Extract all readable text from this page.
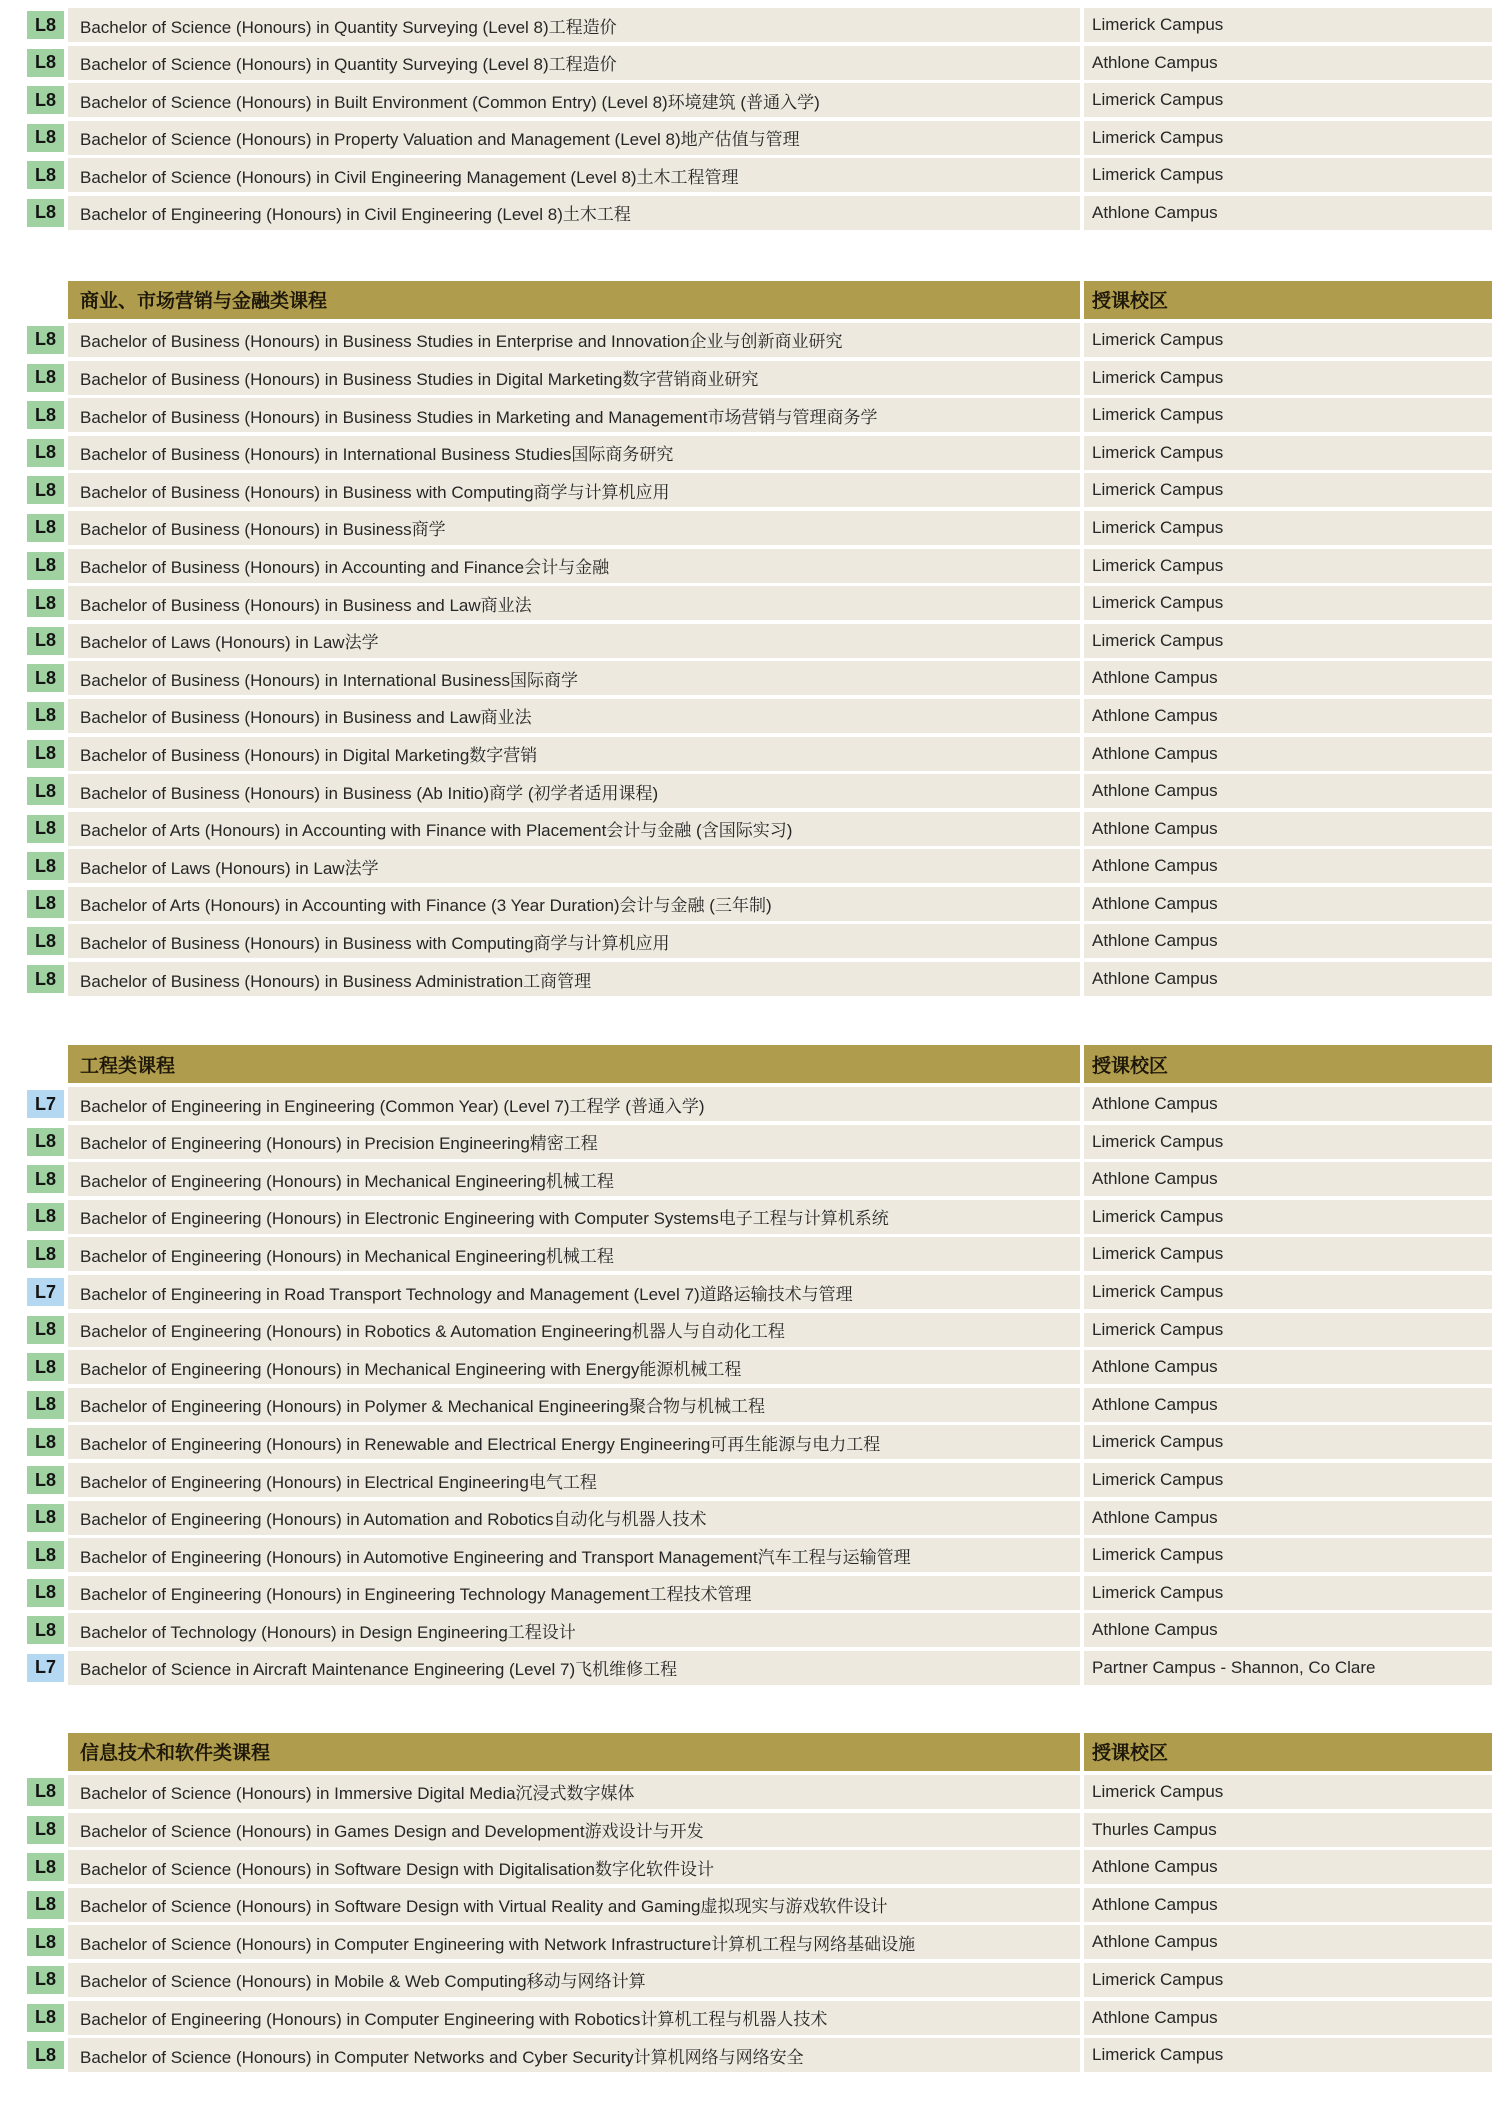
L8	Bachelor of Science (Honours) in Quantity Surveying (Level 8)工程造价	Limerick Campus
L8	Bachelor of Science (Honours) in Quantity Surveying (Level 8)工程造价	Athlone Campus
L8	Bachelor of Science (Honours) in Built Environment (Common Entry) (Level 8)环境建筑 (普通入学)	Limerick Campus
L8	Bachelor of Science (Honours) in Property Valuation and Management (Level 8)地产估值与管理	Limerick Campus
L8	Bachelor of Science (Honours) in Civil Engineering Management (Level 8)土木工程管理	Limerick Campus
L8	Bachelor of Engineering (Honours) in Civil Engineering (Level 8)土木工程	Athlone Campus
商业、市场营销与金融类课程	授课校区
L8	Bachelor of Business (Honours) in Business Studies in Enterprise and Innovation企业与创新商业研究	Limerick Campus
L8	Bachelor of Business (Honours) in Business Studies in Digital Marketing数字营销商业研究	Limerick Campus
L8	Bachelor of Business (Honours) in Business Studies in Marketing and Management市场营销与管理商务学	Limerick Campus
L8	Bachelor of Business (Honours) in International Business Studies国际商务研究	Limerick Campus
L8	Bachelor of Business (Honours) in Business with Computing商学与计算机应用	Limerick Campus
L8	Bachelor of Business (Honours) in Business商学	Limerick Campus
L8	Bachelor of Business (Honours) in Accounting and Finance会计与金融	Limerick Campus
L8	Bachelor of Business (Honours) in Business and Law商业法	Limerick Campus
L8	Bachelor of Laws (Honours) in Law法学	Limerick Campus
L8	Bachelor of Business (Honours) in International Business国际商学	Athlone Campus
L8	Bachelor of Business (Honours) in Business and Law商业法	Athlone Campus
L8	Bachelor of Business (Honours) in Digital Marketing数字营销	Athlone Campus
L8	Bachelor of Business (Honours) in Business (Ab Initio)商学 (初学者适用课程)	Athlone Campus
L8	Bachelor of Arts (Honours) in Accounting with Finance with Placement会计与金融 (含国际实习)	Athlone Campus
L8	Bachelor of Laws (Honours) in Law法学	Athlone Campus
L8	Bachelor of Arts (Honours) in Accounting with Finance (3 Year Duration)会计与金融 (三年制)	Athlone Campus
L8	Bachelor of Business (Honours) in Business with Computing商学与计算机应用	Athlone Campus
L8	Bachelor of Business (Honours) in Business Administration工商管理	Athlone Campus
工程类课程	授课校区
L7	Bachelor of Engineering in Engineering (Common Year) (Level 7)工程学 (普通入学)	Athlone Campus
L8	Bachelor of Engineering (Honours) in Precision Engineering精密工程	Limerick Campus
L8	Bachelor of Engineering (Honours) in Mechanical Engineering机械工程	Athlone Campus
L8	Bachelor of Engineering (Honours) in Electronic Engineering with Computer Systems电子工程与计算机系统	Limerick Campus
L8	Bachelor of Engineering (Honours) in Mechanical Engineering机械工程	Limerick Campus
L7	Bachelor of Engineering in Road Transport Technology and Management (Level 7)道路运输技术与管理	Limerick Campus
L8	Bachelor of Engineering (Honours) in Robotics & Automation Engineering机器人与自动化工程	Limerick Campus
L8	Bachelor of Engineering (Honours) in Mechanical Engineering with Energy能源机械工程	Athlone Campus
L8	Bachelor of Engineering (Honours) in Polymer & Mechanical Engineering聚合物与机械工程	Athlone Campus
L8	Bachelor of Engineering (Honours) in Renewable and Electrical Energy Engineering可再生能源与电力工程	Limerick Campus
L8	Bachelor of Engineering (Honours) in Electrical Engineering电气工程	Limerick Campus
L8	Bachelor of Engineering (Honours) in Automation and Robotics自动化与机器人技术	Athlone Campus
L8	Bachelor of Engineering (Honours) in Automotive Engineering and Transport Management汽车工程与运输管理	Limerick Campus
L8	Bachelor of Engineering (Honours) in Engineering Technology Management工程技术管理	Limerick Campus
L8	Bachelor of Technology (Honours) in Design Engineering工程设计	Athlone Campus
L7	Bachelor of Science in Aircraft Maintenance Engineering (Level 7)飞机维修工程	Partner Campus - Shannon, Co Clare
信息技术和软件类课程	授课校区
L8	Bachelor of Science (Honours) in Immersive Digital Media沉浸式数字媒体	Limerick Campus
L8	Bachelor of Science (Honours) in Games Design and Development游戏设计与开发	Thurles Campus
L8	Bachelor of Science (Honours) in Software Design with Digitalisation数字化软件设计	Athlone Campus
L8	Bachelor of Science (Honours) in Software Design with Virtual Reality and Gaming虚拟现实与游戏软件设计	Athlone Campus
L8	Bachelor of Science (Honours) in Computer Engineering with Network Infrastructure计算机工程与网络基础设施	Athlone Campus
L8	Bachelor of Science (Honours) in Mobile & Web Computing移动与网络计算	Limerick Campus
L8	Bachelor of Engineering (Honours) in Computer Engineering with Robotics计算机工程与机器人技术	Athlone Campus
L8	Bachelor of Science (Honours) in Computer Networks and Cyber Security计算机网络与网络安全	Limerick Campus
